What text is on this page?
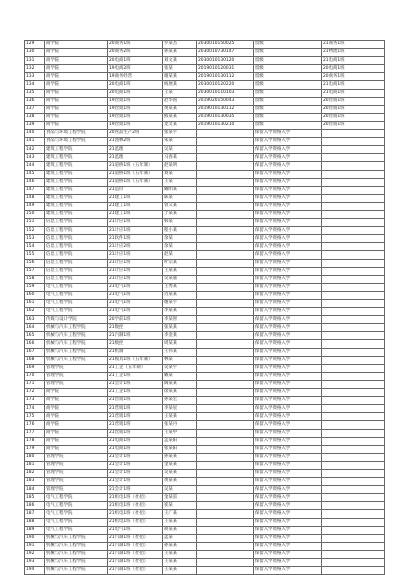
129	商学院	20商务1班	罗某杰	2030010150025	留级	21商务1班
130	商学院	20商务2班	孙某某	2030010730147	留级	21物流1班
131	商学院	20电商1班	刘文某	2030010130120	留级	21电商1班
132	商学院	19电商2班	张某	2019010120031	留级	20电商1班
133	商学院	19商务经营	谢某某	2019010130112	留级	20商务1班
134	商学院	20电商1班	杨展某	2030010120220	留级	21电商1班
135	商学院	20电商1班	王某	2030010110103	留级	21电商1班
136	商学院	19营销1班	赵华国	2019020150043	留级	20营销1班
137	商学院	19营销1班	黄某某	2019010130112	留级	20营销1班
138	商学院	19营销1班	熊某某	2019010130035	留级	20营销1班
139	商学院	19营销1班	龙文某	2019010130210	留级	20营销1班
140	食品与环境工程学院	20食品生产2班	张某宇		保留入学资格入学	
141	食品与环境工程学院	21园林2班	朱某		保留入学资格入学	
142	建筑工程学院	21监理	吴某		保留入学资格入学	
143	建筑工程学院	21监理	马春某		保留入学资格入学	
144	建筑工程学院	21道桥1班（五年制）	赵某明		保留入学资格入学	
145	建筑工程学院	21道桥1班（五年制）	刘某		保留入学资格入学	
146	建筑工程学院	21道桥1班（五年制）	王某		保留入学资格入学	
147	建筑工程学院	21造价	戴明某		保留入学资格入学	
148	建筑工程学院	21建工1班	陈某		保留入学资格入学	
149	建筑工程学院	21建工1班	曾义某		保留入学资格入学	
150	建筑工程学院	21建工1班	于某某		保留入学资格入学	
151	信息工程学院	21计应1班	韩某		保留入学资格入学	
152	信息工程学院	21计应1班	程小某		保留入学资格入学	
153	信息工程学院	21软件1班	余某		保留入学资格入学	
154	信息工程学院	21计应2班	余某		保留入学资格入学	
155	信息工程学院	21计应1班	赵某		保留入学资格入学	
156	信息工程学院	21计应1班	叶宗某		保留入学资格入学	
157	信息工程学院	21计应1班	王某某		保留入学资格入学	
158	信息工程学院	21计应1班	吴某嘉		保留入学资格入学	
159	电气工程学院	21电气1班	王秀某		保留入学资格入学	
160	电气工程学院	21电气1班	肖某某		保留入学资格入学	
161	电气工程学院	21电气1班	谢某宇		保留入学资格入学	
162	电气工程学院	21电气1班	李某某		保留入学资格入学	
163	传媒与设计学院	20学前1班	李某智		保留入学资格入学	
164	机械与汽车工程学院	21数控	张某某		保留入学资格入学	
165	机械与汽车工程学院	21汽制1班	李金某		保留入学资格入学	
166	机械与汽车工程学院	21数控	周某某		保留入学资格入学	
167	机械与汽车工程学院	21机制	王伟某		保留入学资格入学	
168	机械与汽车工程学院	21模具1班（五年制）	林某		保留入学资格入学	
169	管理学院	21工企（五年制）	吴某宇		保留入学资格入学	
170	管理学院	21工企1班	戴某		保留入学资格入学	
171	管理学院	21会计1班	陶某某		保留入学资格入学	
172	商学院	21工企1班	徐某某		保留入学资格入学	
173	商学院	21营销1班	孙某宏		保留入学资格入学	
174	商学院	21营销1班	李某星		保留入学资格入学	
175	商学院	21营销1班	王某某		保留入学资格入学	
176	商学院	21营销1班	张某丹		保留入学资格入学	
177	商学院	21营销1班	王某中		保留入学资格入学	
178	商学院	21电商1班	孟某阳		保留入学资格入学	
179	商学院	21电商1班	张某阳		保留入学资格入学	
180	管理学院	21会计1班	孙某某		保留入学资格入学	
181	管理学院	21会计1班	金某某		保留入学资格入学	
182	管理学院	21会计1班	吴某某		保留入学资格入学	
183	管理学院	21会计1班	黄某某		保留入学资格入学	
184	管理学院	21会计1班	吴某		保留入学资格入学	
185	电气工程学院	21机电1班（社招）	金某雷		保留入学资格入学	
186	电气工程学院	21机电1班（社招）	崔某		保留入学资格入学	
187	电气工程学院	21机电1班（社招）	王广某		保留入学资格入学	
188	电气工程学院	21机电1班（社招）	王某某		保留入学资格入学	
189	电气工程学院	21电气1班	胡某某		保留入学资格入学	
190	机械与汽车工程学院	21汽制1班（社招）	孟某		保留入学资格入学	
191	机械与汽车工程学院	21汽制1班（社招）	孙某某		保留入学资格入学	
192	机械与汽车工程学院	21汽制1班（社招）	王某某		保留入学资格入学	
193	机械与汽车工程学院	21汽制1班（社招）	王某某		保留入学资格入学	
194	机械与汽车工程学院	21汽制1班（社招）	王某某		保留入学资格入学	
